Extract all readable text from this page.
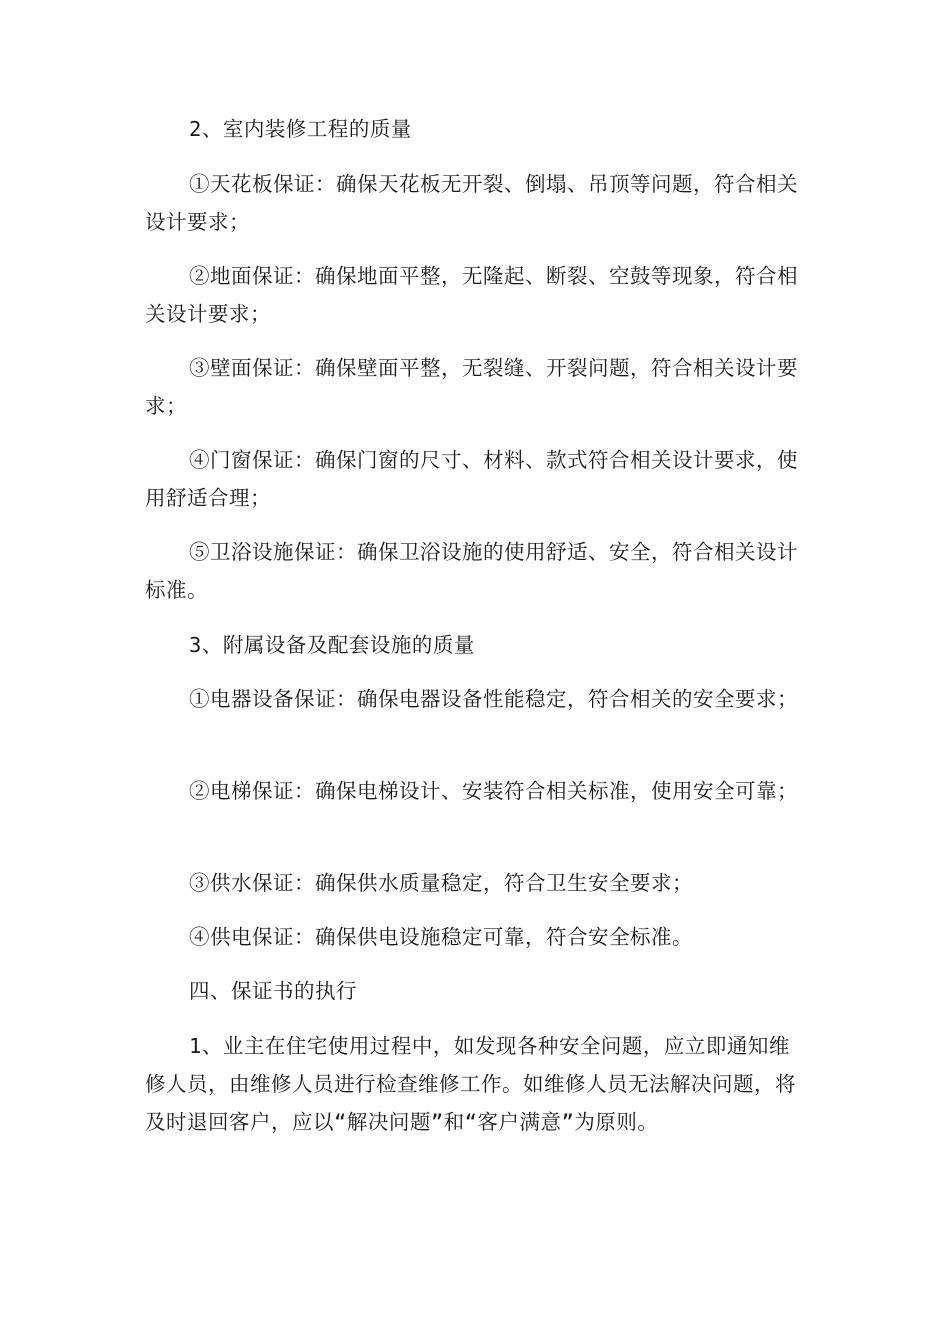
2、室内装修工程的质量

①天花板保证：确保天花板无开裂、倒塌、吊顶等问题，符合相关设计要求；

②地面保证：确保地面平整，无隆起、断裂、空鼓等现象，符合相关设计要求；

③壁面保证：确保壁面平整，无裂缝、开裂问题，符合相关设计要求；

④门窗保证：确保门窗的尺寸、材料、款式符合相关设计要求，使用舒适合理；

⑤卫浴设施保证：确保卫浴设施的使用舒适、安全，符合相关设计标准。

3、附属设备及配套设施的质量

①电器设备保证：确保电器设备性能稳定，符合相关的安全要求；

②电梯保证：确保电梯设计、安装符合相关标准，使用安全可靠；

③供水保证：确保供水质量稳定，符合卫生安全要求；

④供电保证：确保供电设施稳定可靠，符合安全标准。

四、保证书的执行

1、业主在住宅使用过程中，如发现各种安全问题，应立即通知维修人员，由维修人员进行检查维修工作。如维修人员无法解决问题，将及时退回客户，应以“解决问题”和“客户满意”为原则。
